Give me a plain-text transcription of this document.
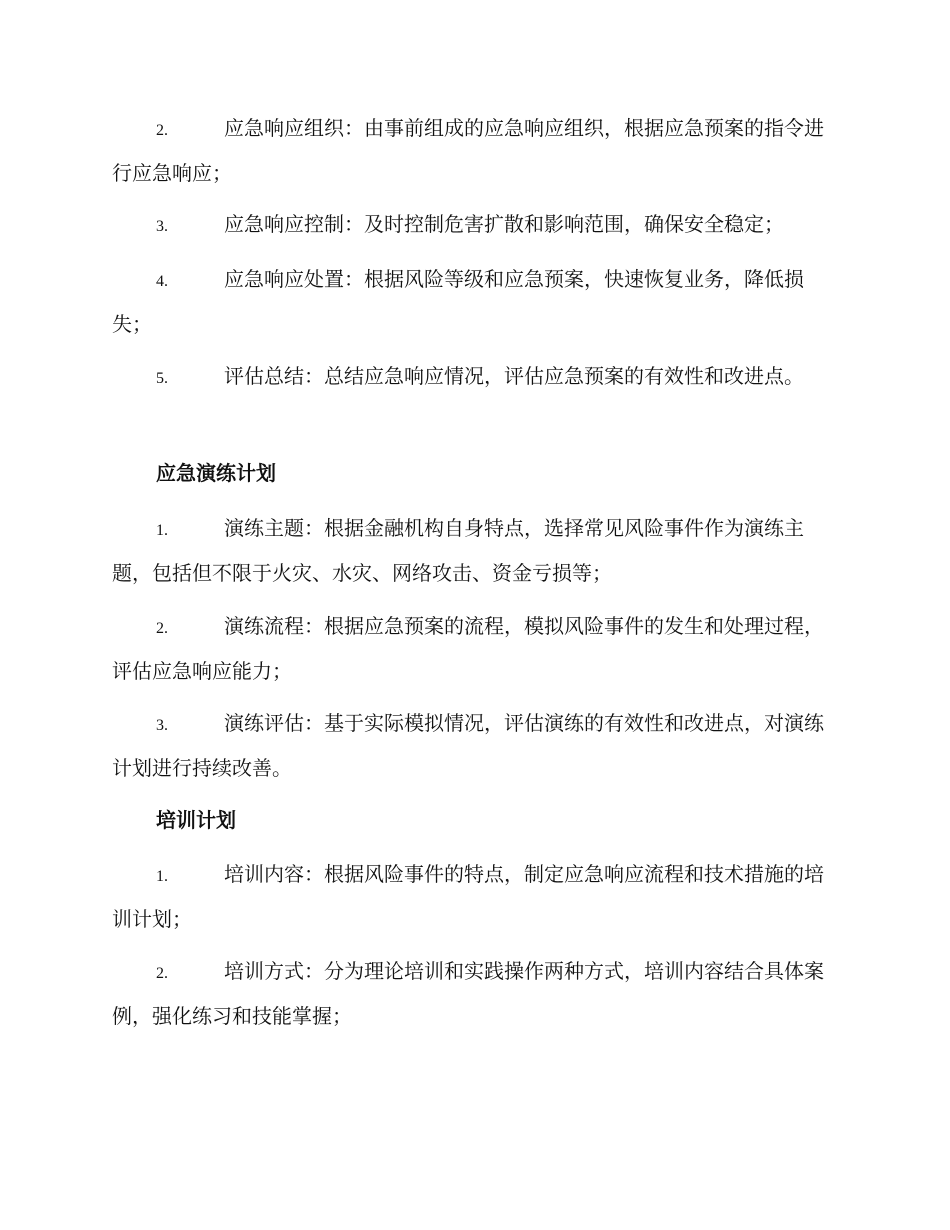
2.	应急响应组织：由事前组成的应急响应组织，根据应急预案的指令进行应急响应；

3.	应急响应控制：及时控制危害扩散和影响范围，确保安全稳定；

4.	应急响应处置：根据风险等级和应急预案，快速恢复业务，降低损失；

5.	评估总结：总结应急响应情况，评估应急预案的有效性和改进点。

应急演练计划

1.	演练主题：根据金融机构自身特点，选择常见风险事件作为演练主题，包括但不限于火灾、水灾、网络攻击、资金亏损等；

2.	演练流程：根据应急预案的流程，模拟风险事件的发生和处理过程，评估应急响应能力；

3.	演练评估：基于实际模拟情况，评估演练的有效性和改进点，对演练计划进行持续改善。

培训计划

1.	培训内容：根据风险事件的特点，制定应急响应流程和技术措施的培训计划；

2.	培训方式：分为理论培训和实践操作两种方式，培训内容结合具体案例，强化练习和技能掌握；
